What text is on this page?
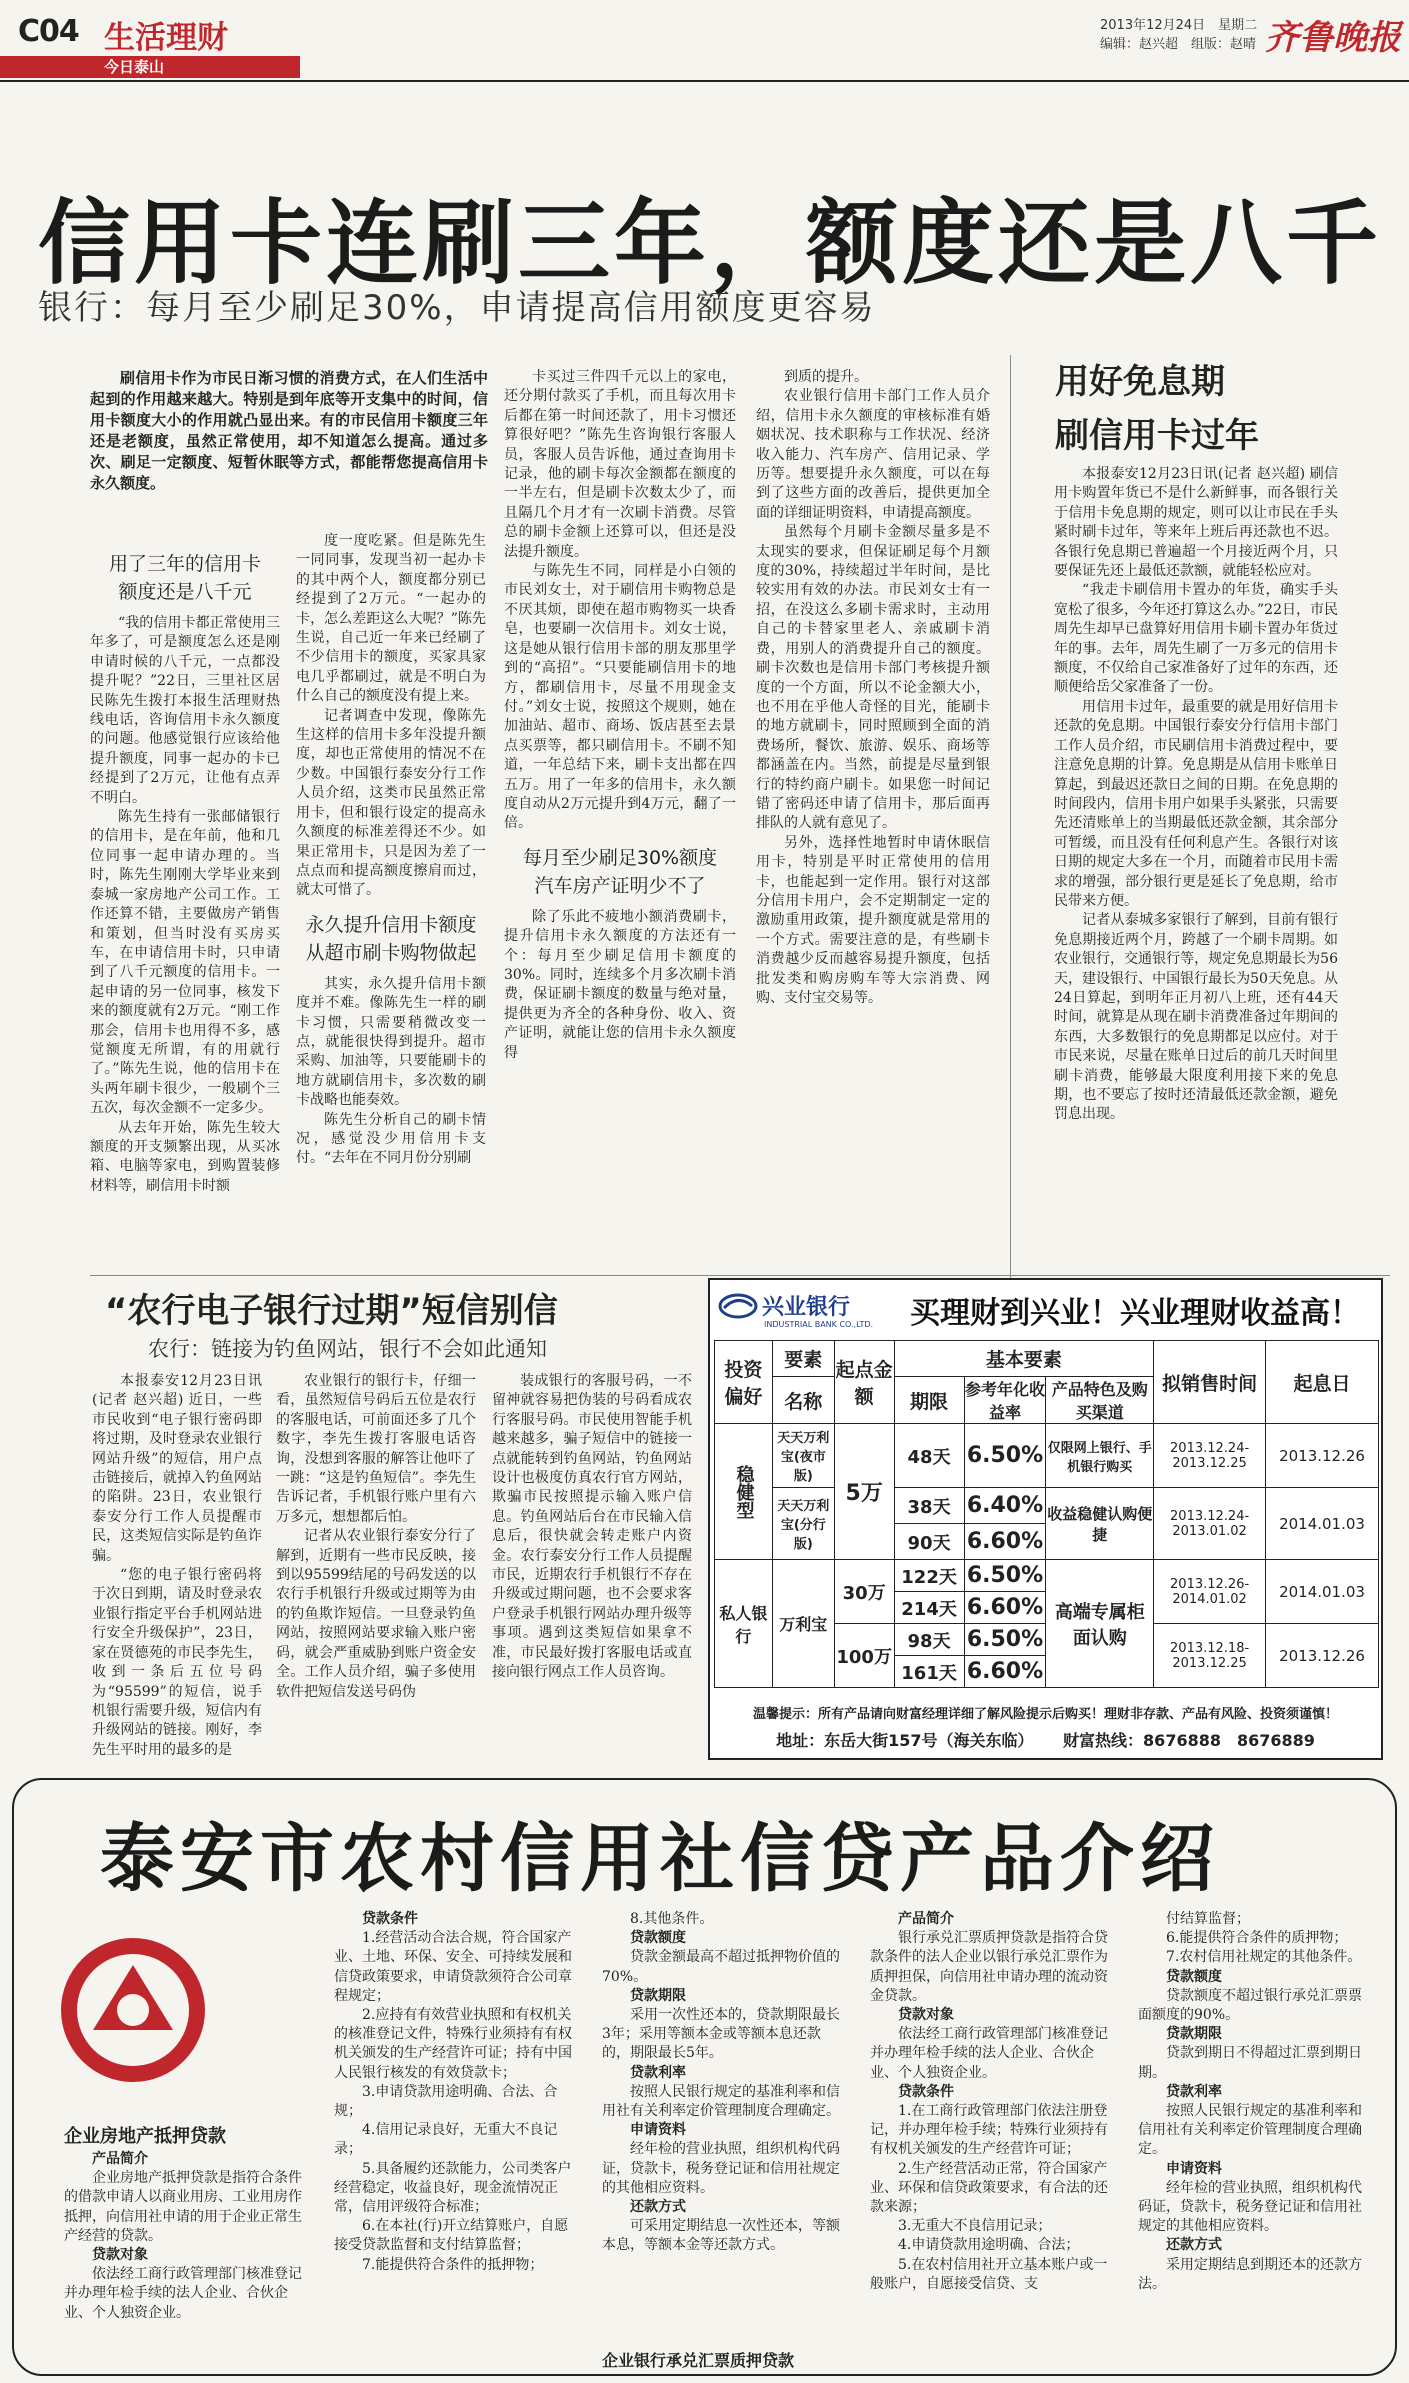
C04 生活理财
今日泰山
2013年12月24日　星期二
编辑：赵兴超　组版：赵晴 齐鲁晚报
信用卡连刷三年，额度还是八千
银行：每月至少刷足30%，申请提高信用额度更容易

刷信用卡作为市民日渐习惯的消费方式，在人们生活中起到的作用越来越大。特别是到年底等开支集中的时间，信用卡额度大小的作用就凸显出来。有的市民信用卡额度三年还是老额度，虽然正常使用，却不知道怎么提高。通过多次、刷足一定额度、短暂休眠等方式，都能帮您提高信用卡永久额度。

用了三年的信用卡
额度还是八千元

“我的信用卡都正常使用三年多了，可是额度怎么还是刚申请时候的八千元，一点都没提升呢？”22日，三里社区居民陈先生拨打本报生活理财热线电话，咨询信用卡永久额度的问题。他感觉银行应该给他提升额度，同事一起办的卡已经提到了2万元，让他有点弄不明白。

陈先生持有一张邮储银行的信用卡，是在年前，他和几位同事一起申请办理的。当时，陈先生刚刚大学毕业来到泰城一家房地产公司工作。工作还算不错，主要做房产销售和策划，但当时没有买房买车，在申请信用卡时，只申请到了八千元额度的信用卡。一起申请的另一位同事，核发下来的额度就有2万元。“刚工作那会，信用卡也用得不多，感觉额度无所谓，有的用就行了。”陈先生说，他的信用卡在头两年刷卡很少，一般刷个三五次，每次金额不一定多少。

从去年开始，陈先生较大额度的开支频繁出现，从买冰箱、电脑等家电，到购置装修材料等，刷信用卡时额

度一度吃紧。但是陈先生一同同事，发现当初一起办卡的其中两个人，额度都分别已经提到了2万元。“一起办的卡，怎么差距这么大呢？”陈先生说，自己近一年来已经刷了不少信用卡的额度，买家具家电几乎都刷过，就是不明白为什么自己的额度没有提上来。

记者调查中发现，像陈先生这样的信用卡多年没提升额度，却也正常使用的情况不在少数。中国银行泰安分行工作人员介绍，这类市民虽然正常用卡，但和银行设定的提高永久额度的标准差得还不少。如果正常用卡，只是因为差了一点点而和提高额度擦肩而过，就太可惜了。

永久提升信用卡额度
从超市刷卡购物做起

其实，永久提升信用卡额度并不难。像陈先生一样的刷卡习惯，只需要稍微改变一点，就能很快得到提升。超市采购、加油等，只要能刷卡的地方就刷信用卡，多次数的刷卡战略也能奏效。

陈先生分析自己的刷卡情况，感觉没少用信用卡支付。“去年在不同月份分别刷

卡买过三件四千元以上的家电，还分期付款买了手机，而且每次用卡后都在第一时间还款了，用卡习惯还算很好吧？”陈先生咨询银行客服人员，客服人员告诉他，通过查询用卡记录，他的刷卡每次金额都在额度的一半左右，但是刷卡次数太少了，而且隔几个月才有一次刷卡消费。尽管总的刷卡金额上还算可以，但还是没法提升额度。

与陈先生不同，同样是小白领的市民刘女士，对于刷信用卡购物总是不厌其烦，即使在超市购物买一块香皂，也要刷一次信用卡。刘女士说，这是她从银行信用卡部的朋友那里学到的“高招”。“只要能刷信用卡的地方，都刷信用卡，尽量不用现金支付。”刘女士说，按照这个规则，她在加油站、超市、商场、饭店甚至去景点买票等，都只刷信用卡。不刷不知道，一年总结下来，刷卡支出都在四五万。用了一年多的信用卡，永久额度自动从2万元提升到4万元，翻了一倍。

每月至少刷足30%额度
汽车房产证明少不了

除了乐此不疲地小额消费刷卡，提升信用卡永久额度的方法还有一个：每月至少刷足信用卡额度的30%。同时，连续多个月多次刷卡消费，保证刷卡额度的数量与绝对量，提供更为齐全的各种身份、收入、资产证明，就能让您的信用卡永久额度得

到质的提升。

农业银行信用卡部门工作人员介绍，信用卡永久额度的审核标准有婚姻状况、技术职称与工作状况、经济收入能力、汽车房产、信用记录、学历等。想要提升永久额度，可以在每到了这些方面的改善后，提供更加全面的详细证明资料，申请提高额度。

虽然每个月刷卡金额尽量多是不太现实的要求，但保证刷足每个月额度的30%，持续超过半年时间，是比较实用有效的办法。市民刘女士有一招，在没这么多刷卡需求时，主动用自己的卡替家里老人、亲戚刷卡消费，用别人的消费提升自己的额度。刷卡次数也是信用卡部门考核提升额度的一个方面，所以不论金额大小，也不用在乎他人奇怪的目光，能刷卡的地方就刷卡，同时照顾到全面的消费场所，餐饮、旅游、娱乐、商场等都涵盖在内。当然，前提是尽量到银行的特约商户刷卡。如果您一时间记错了密码还申请了信用卡，那后面再排队的人就有意见了。

另外，选择性地暂时申请休眠信用卡，特别是平时正常使用的信用卡，也能起到一定作用。银行对这部分信用卡用户，会不定期制定一定的激励重用政策，提升额度就是常用的一个方式。需要注意的是，有些刷卡消费越少反而越容易提升额度，包括批发类和购房购车等大宗消费、网购、支付宝交易等。

用好免息期
刷信用卡过年

本报泰安12月23日讯(记者 赵兴超) 刷信用卡购置年货已不是什么新鲜事，而各银行关于信用卡免息期的规定，则可以让市民在手头紧时刷卡过年，等来年上班后再还款也不迟。各银行免息期已普遍超一个月接近两个月，只要保证先还上最低还款额，就能轻松应对。

“我走卡刷信用卡置办的年货，确实手头宽松了很多，今年还打算这么办。”22日，市民周先生却早已盘算好用信用卡刷卡置办年货过年的事。去年，周先生刷了一万多元的信用卡额度，不仅给自己家准备好了过年的东西，还顺便给岳父家准备了一份。

用信用卡过年，最重要的就是用好信用卡还款的免息期。中国银行泰安分行信用卡部门工作人员介绍，市民刷信用卡消费过程中，要注意免息期的计算。免息期是从信用卡账单日算起，到最迟还款日之间的日期。在免息期的时间段内，信用卡用户如果手头紧张，只需要先还清账单上的当期最低还款金额，其余部分可暂缓，而且没有任何利息产生。各银行对该日期的规定大多在一个月，而随着市民用卡需求的增强，部分银行更是延长了免息期，给市民带来方便。

记者从泰城多家银行了解到，目前有银行免息期接近两个月，跨越了一个刷卡周期。如农业银行，交通银行等，规定免息期最长为56天，建设银行、中国银行最长为50天免息。从24日算起，到明年正月初八上班，还有44天时间，就算是从现在刷卡消费准备过年期间的东西，大多数银行的免息期都足以应付。对于市民来说，尽量在账单日过后的前几天时间里刷卡消费，能够最大限度利用接下来的免息期，也不要忘了按时还清最低还款金额，避免罚息出现。

“农行电子银行过期”短信别信
农行：链接为钓鱼网站，银行不会如此通知

本报泰安12月23日讯(记者 赵兴超) 近日，一些市民收到“电子银行密码即将过期，及时登录农业银行网站升级”的短信，用户点击链接后，就掉入钓鱼网站的陷阱。23日，农业银行泰安分行工作人员提醒市民，这类短信实际是钓鱼诈骗。

“您的电子银行密码将于次日到期，请及时登录农业银行指定平台手机网站进行安全升级保护”，23日，家在贤德苑的市民李先生，收到一条后五位号码为“95599”的短信，说手机银行需要升级，短信内有升级网站的链接。刚好，李先生平时用的最多的是

农业银行的银行卡，仔细一看，虽然短信号码后五位是农行的客服电话，可前面还多了几个数字，李先生拨打客服电话咨询，没想到客服的解答让他吓了一跳：“这是钓鱼短信”。李先生告诉记者，手机银行账户里有六万多元，想想都后怕。

记者从农业银行泰安分行了解到，近期有一些市民反映，接到以95599结尾的号码发送的以农行手机银行升级或过期等为由的钓鱼欺诈短信。一旦登录钓鱼网站，按照网站要求输入账户密码，就会严重威胁到账户资金安全。工作人员介绍，骗子多使用软件把短信发送号码伪

装成银行的客服号码，一不留神就容易把伪装的号码看成农行客服号码。市民使用智能手机越来越多，骗子短信中的链接一点就能转到钓鱼网站，钓鱼网站设计也极度仿真农行官方网站，欺骗市民按照提示输入账户信息。钓鱼网站后台在市民输入信息后，很快就会转走账户内资金。农行泰安分行工作人员提醒市民，近期农行手机银行不存在升级或过期问题，也不会要求客户登录手机银行网站办理升级等事项。遇到这类短信如果拿不准，市民最好拨打客服电话或直接向银行网点工作人员咨询。

兴业银行
INDUSTRIAL BANK CO.,LTD. 买理财到兴业！兴业理财收益高！
投资偏好	要素	起点金额	基本要素			拟销售时间	起息日
	名称		期限	参考年化收益率	产品特色及购买渠道		
稳健型	天天万利宝(夜市版)	5万	48天	6.50%	仅限网上银行、手机银行购买	2013.12.24-2013.12.25	2013.12.26
	天天万利宝(分行版)		38天	6.40%	收益稳健认购便捷	2013.12.24-2013.01.02	2014.01.03
			90天	6.60%			
私人银行	万利宝	30万	122天	6.50%	高端专属柜面认购	2013.12.26-2014.01.02	2014.01.03
			214天	6.60%			
		100万	98天	6.50%		2013.12.18-2013.12.25	2013.12.26
			161天	6.60%			
温馨提示：所有产品请向财富经理详细了解风险提示后购买！理财非存款、产品有风险、投资须谨慎！
地址：东岳大街157号（海关东临）　　 财富热线：8676888　8676889
泰安市农村信用社信贷产品介绍
企业房地产抵押贷款

产品简介

企业房地产抵押贷款是指符合条件的借款申请人以商业用房、工业用房作抵押，向信用社申请的用于企业正常生产经营的贷款。

贷款对象

依法经工商行政管理部门核准登记并办理年检手续的法人企业、合伙企业、个人独资企业。

贷款条件

1.经营活动合法合规，符合国家产业、土地、环保、安全、可持续发展和信贷政策要求，申请贷款须符合公司章程规定；

2.应持有有效营业执照和有权机关的核准登记文件，特殊行业须持有有权机关颁发的生产经营许可证；持有中国人民银行核发的有效贷款卡；

3.申请贷款用途明确、合法、合规；

4.信用记录良好，无重大不良记录；

5.具备履约还款能力，公司类客户经营稳定，收益良好，现金流情况正常，信用评级符合标准；

6.在本社(行)开立结算账户，自愿接受贷款监督和支付结算监督；

7.能提供符合条件的抵押物；

8.其他条件。

贷款额度

贷款金额最高不超过抵押物价值的70%。

贷款期限

采用一次性还本的，贷款期限最长3年；采用等额本金或等额本息还款的，期限最长5年。

贷款利率

按照人民银行规定的基准利率和信用社有关利率定价管理制度合理确定。

申请资料

经年检的营业执照，组织机构代码证，贷款卡，税务登记证和信用社规定的其他相应资料。

还款方式

可采用定期结息一次性还本，等额本息，等额本金等还款方式。

企业银行承兑汇票质押贷款

产品简介

银行承兑汇票质押贷款是指符合贷款条件的法人企业以银行承兑汇票作为质押担保，向信用社申请办理的流动资金贷款。

贷款对象

依法经工商行政管理部门核准登记并办理年检手续的法人企业、合伙企业、个人独资企业。

贷款条件

1.在工商行政管理部门依法注册登记，并办理年检手续；特殊行业须持有有权机关颁发的生产经营许可证；

2.生产经营活动正常，符合国家产业、环保和信贷政策要求，有合法的还款来源；

3.无重大不良信用记录；

4.申请贷款用途明确、合法；

5.在农村信用社开立基本账户或一般账户，自愿接受信贷、支

付结算监督；

6.能提供符合条件的质押物；

7.农村信用社规定的其他条件。

贷款额度

贷款额度不超过银行承兑汇票票面额度的90%。

贷款期限

贷款到期日不得超过汇票到期日期。

贷款利率

按照人民银行规定的基准利率和信用社有关利率定价管理制度合理确定。

申请资料

经年检的营业执照，组织机构代码证，贷款卡，税务登记证和信用社规定的其他相应资料。

还款方式

采用定期结息到期还本的还款方法。
